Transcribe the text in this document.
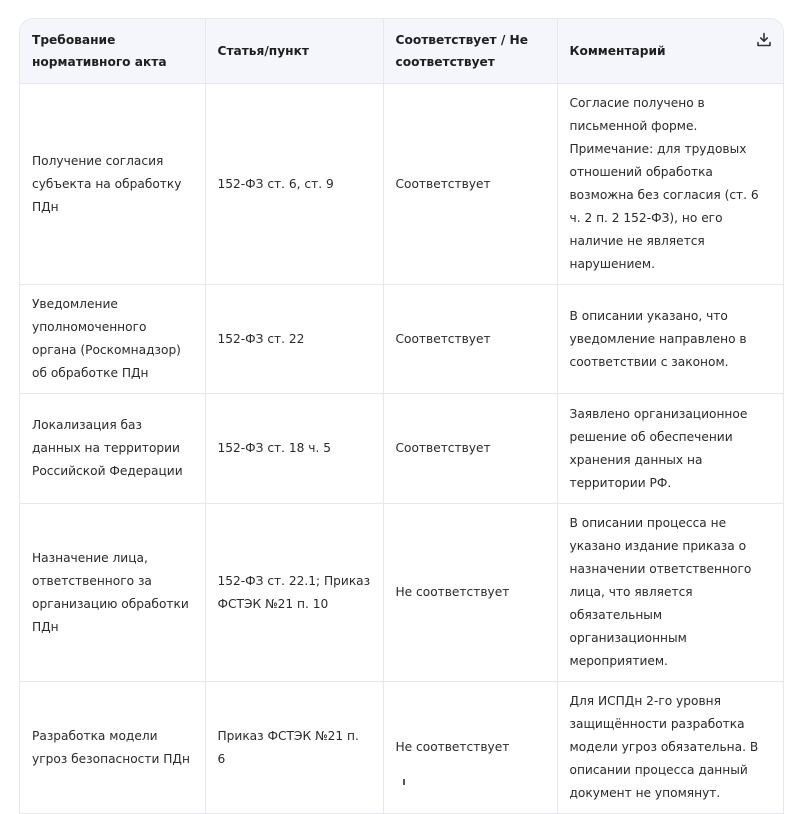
Требование нормативного акта	Статья/пункт	Соответствует / Не соответствует	Комментарий

Получение согласия субъекта на обработку ПДн	152-ФЗ ст. 6, ст. 9	Соответствует	Согласие получено в письменной форме. Примечание: для трудовых отношений обработка возможна без согласия (ст. 6 ч. 2 п. 2 152-ФЗ), но его наличие не является нарушением.
Уведомление уполномоченного органа (Роскомнадзор) об обработке ПДн	152-ФЗ ст. 22	Соответствует	В описании указано, что уведомление направлено в соответствии с законом.
Локализация баз данных на территории Российской Федерации	152-ФЗ ст. 18 ч. 5	Соответствует	Заявлено организационное решение об обеспечении хранения данных на территории РФ.
Назначение лица, ответственного за организацию обработки ПДн	152-ФЗ ст. 22.1; Приказ ФСТЭК №21 п. 10	Не соответствует	В описании процесса не указано издание приказа о назначении ответственного лица, что является обязательным организационным мероприятием.
Разработка модели угроз безопасности ПДн	Приказ ФСТЭК №21 п. 6	Не соответствует	Для ИСПДн 2-го уровня защищённости разработка модели угроз обязательна. В описании процесса данный документ не упомянут.
